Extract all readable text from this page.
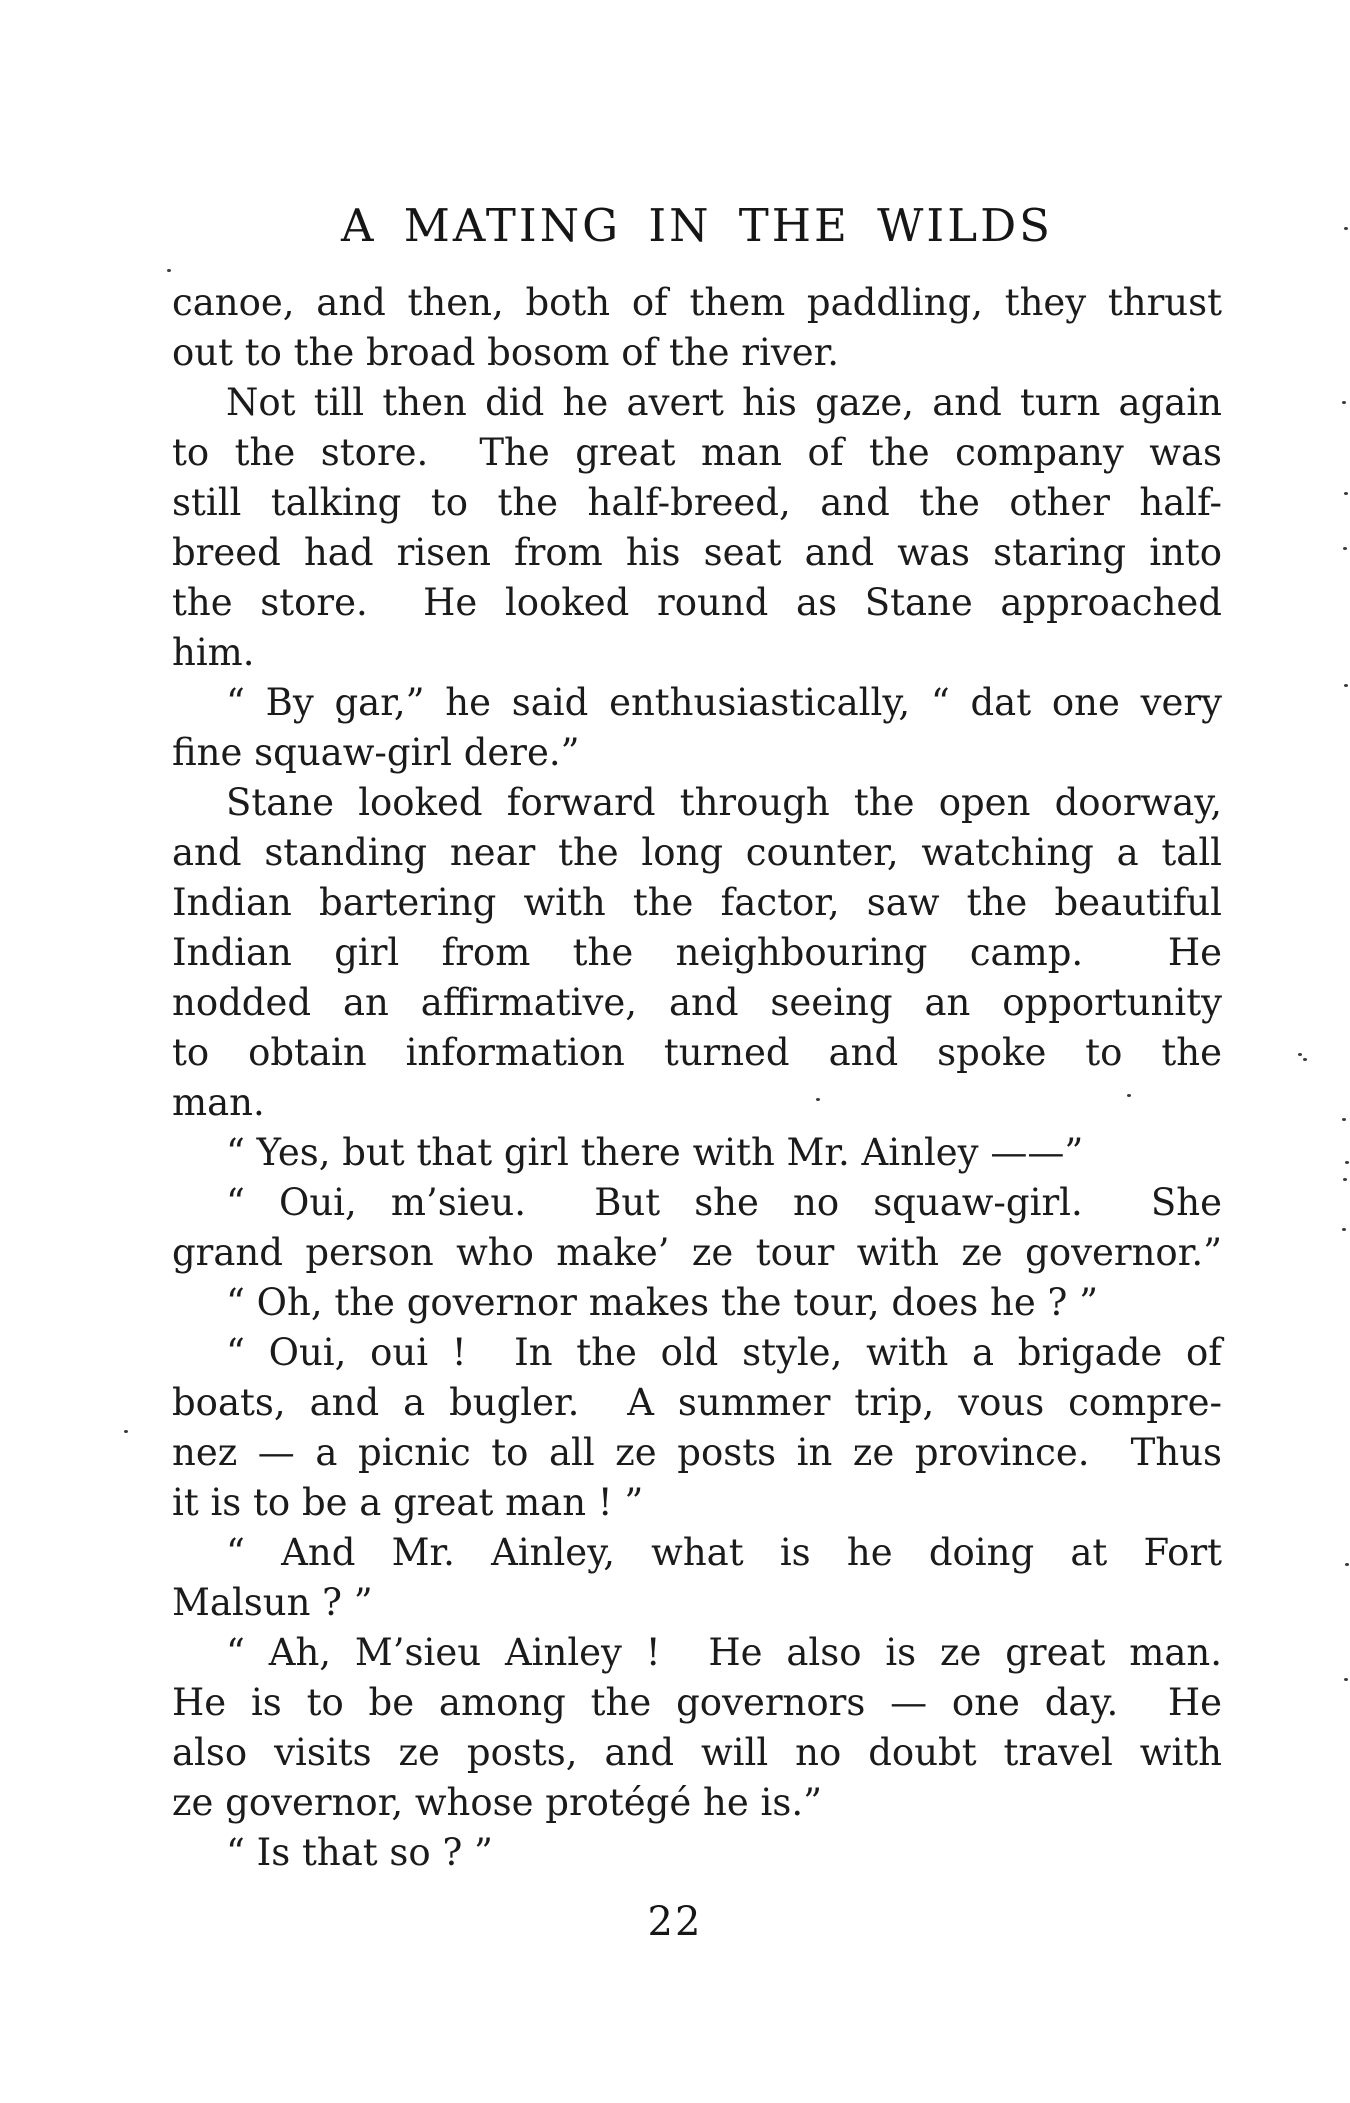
A MATING IN THE WILDS
canoe, and then, both of them paddling, they thrust
out to the broad bosom of the river.
Not till then did he avert his gaze, and turn again
to the store.  The great man of the company was
still talking to the half-breed, and the other half-
breed had risen from his seat and was staring into
the store.  He looked round as Stane approached
him.
“ By gar,” he said enthusiastically, “ dat one very
fine squaw-girl dere.”
Stane looked forward through the open doorway,
and standing near the long counter, watching a tall
Indian bartering with the factor, saw the beautiful
Indian girl from the neighbouring camp.  He
nodded an affirmative, and seeing an opportunity
to obtain information turned and spoke to the
man.
“ Yes, but that girl there with Mr. Ainley ——”
“ Oui, m’sieu.  But she no squaw-girl.  She
grand person who make’ ze tour with ze governor.”
“ Oh, the governor makes the tour, does he ? ”
“ Oui, oui !  In the old style, with a brigade of
boats, and a bugler.  A summer trip, vous compre-
nez — a picnic to all ze posts in ze province.  Thus
it is to be a great man ! ”
“ And Mr. Ainley, what is he doing at Fort
Malsun ? ”
“ Ah, M’sieu Ainley !  He also is ze great man.
He is to be among the governors — one day.  He
also visits ze posts, and will no doubt travel with
ze governor, whose protégé he is.”
“ Is that so ? ”
22
